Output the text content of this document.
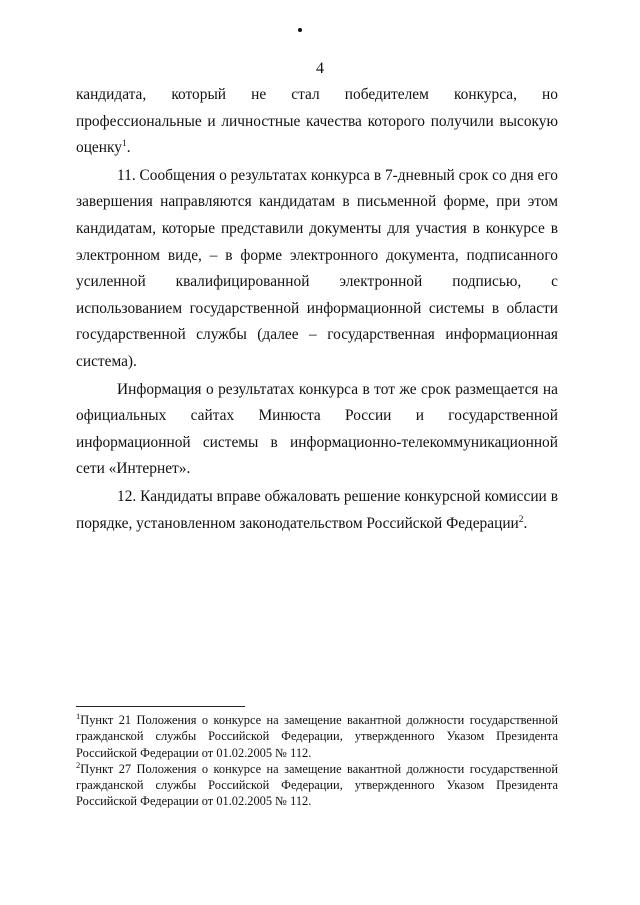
4

кандидата, который не стал победителем конкурса, но профессиональные и личностные качества которого получили высокую оценку$^1$.

11. Сообщения о результатах конкурса в 7-дневный срок со дня его завершения направляются кандидатам в письменной форме, при этом кандидатам, которые представили документы для участия в конкурсе в электронном виде, – в форме электронного документа, подписанного усиленной квалифицированной электронной подписью, с использованием государственной информационной системы в области государственной службы (далее – государственная информационная система).

Информация о результатах конкурса в тот же срок размещается на официальных сайтах Минюста России и государственной

информационной системы в информационно-телекоммуникационной сети «Интернет».

12. Кандидаты вправе обжаловать решение конкурсной комиссии в порядке, установленном законодательством Российской Федерации$^2$.

$^1$Пункт 21 Положения о конкурсе на замещение вакантной должности государственной гражданской службы Российской Федерации, утвержденного Указом Президента Российской Федерации от 01.02.2005 № 112.

$^2$Пункт 27 Положения о конкурсе на замещение вакантной должности государственной гражданской службы Российской Федерации, утвержденного Указом Президента Российской Федерации от 01.02.2005 № 112.
